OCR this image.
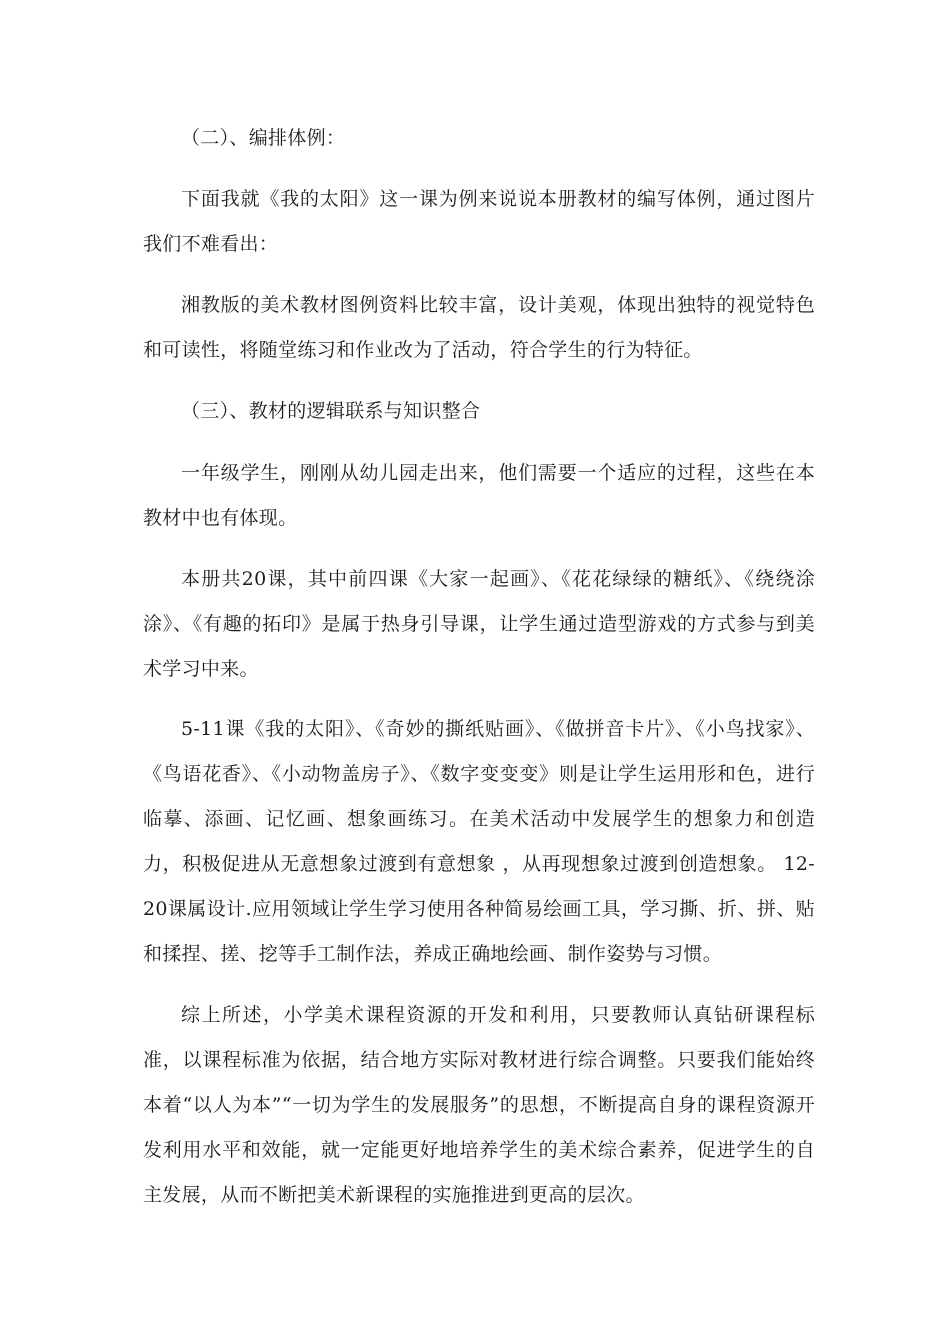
（二）、编排体例：

下面我就《我的太阳》这一课为例来说说本册教材的编写体例，通过图片我们不难看出：

湘教版的美术教材图例资料比较丰富，设计美观，体现出独特的视觉特色和可读性，将随堂练习和作业改为了活动，符合学生的行为特征。

（三）、教材的逻辑联系与知识整合

一年级学生，刚刚从幼儿园走出来，他们需要一个适应的过程，这些在本教材中也有体现。

本册共20课，其中前四课《大家一起画》、《花花绿绿的糖纸》、《绕绕涂涂》、《有趣的拓印》是属于热身引导课，让学生通过造型游戏的方式参与到美术学习中来。

5-11课《我的太阳》、《奇妙的撕纸贴画》、《做拼音卡片》、《小鸟找家》、《鸟语花香》、《小动物盖房子》、《数字变变变》则是让学生运用形和色，进行临摹、添画、记忆画、想象画练习。在美术活动中发展学生的想象力和创造力，积极促进从无意想象过渡到有意想象 ，从再现想象过渡到创造想象。 12-20课属设计.应用领域让学生学习使用各种简易绘画工具，学习撕、折、拼、贴和揉捏、搓、挖等手工制作法，养成正确地绘画、制作姿势与习惯。

综上所述，小学美术课程资源的开发和利用，只要教师认真钻研课程标准，以课程标准为依据，结合地方实际对教材进行综合调整。只要我们能始终本着“以人为本”“一切为学生的发展服务”的思想，不断提高自身的课程资源开发利用水平和效能，就一定能更好地培养学生的美术综合素养，促进学生的自主发展，从而不断把美术新课程的实施推进到更高的层次。
